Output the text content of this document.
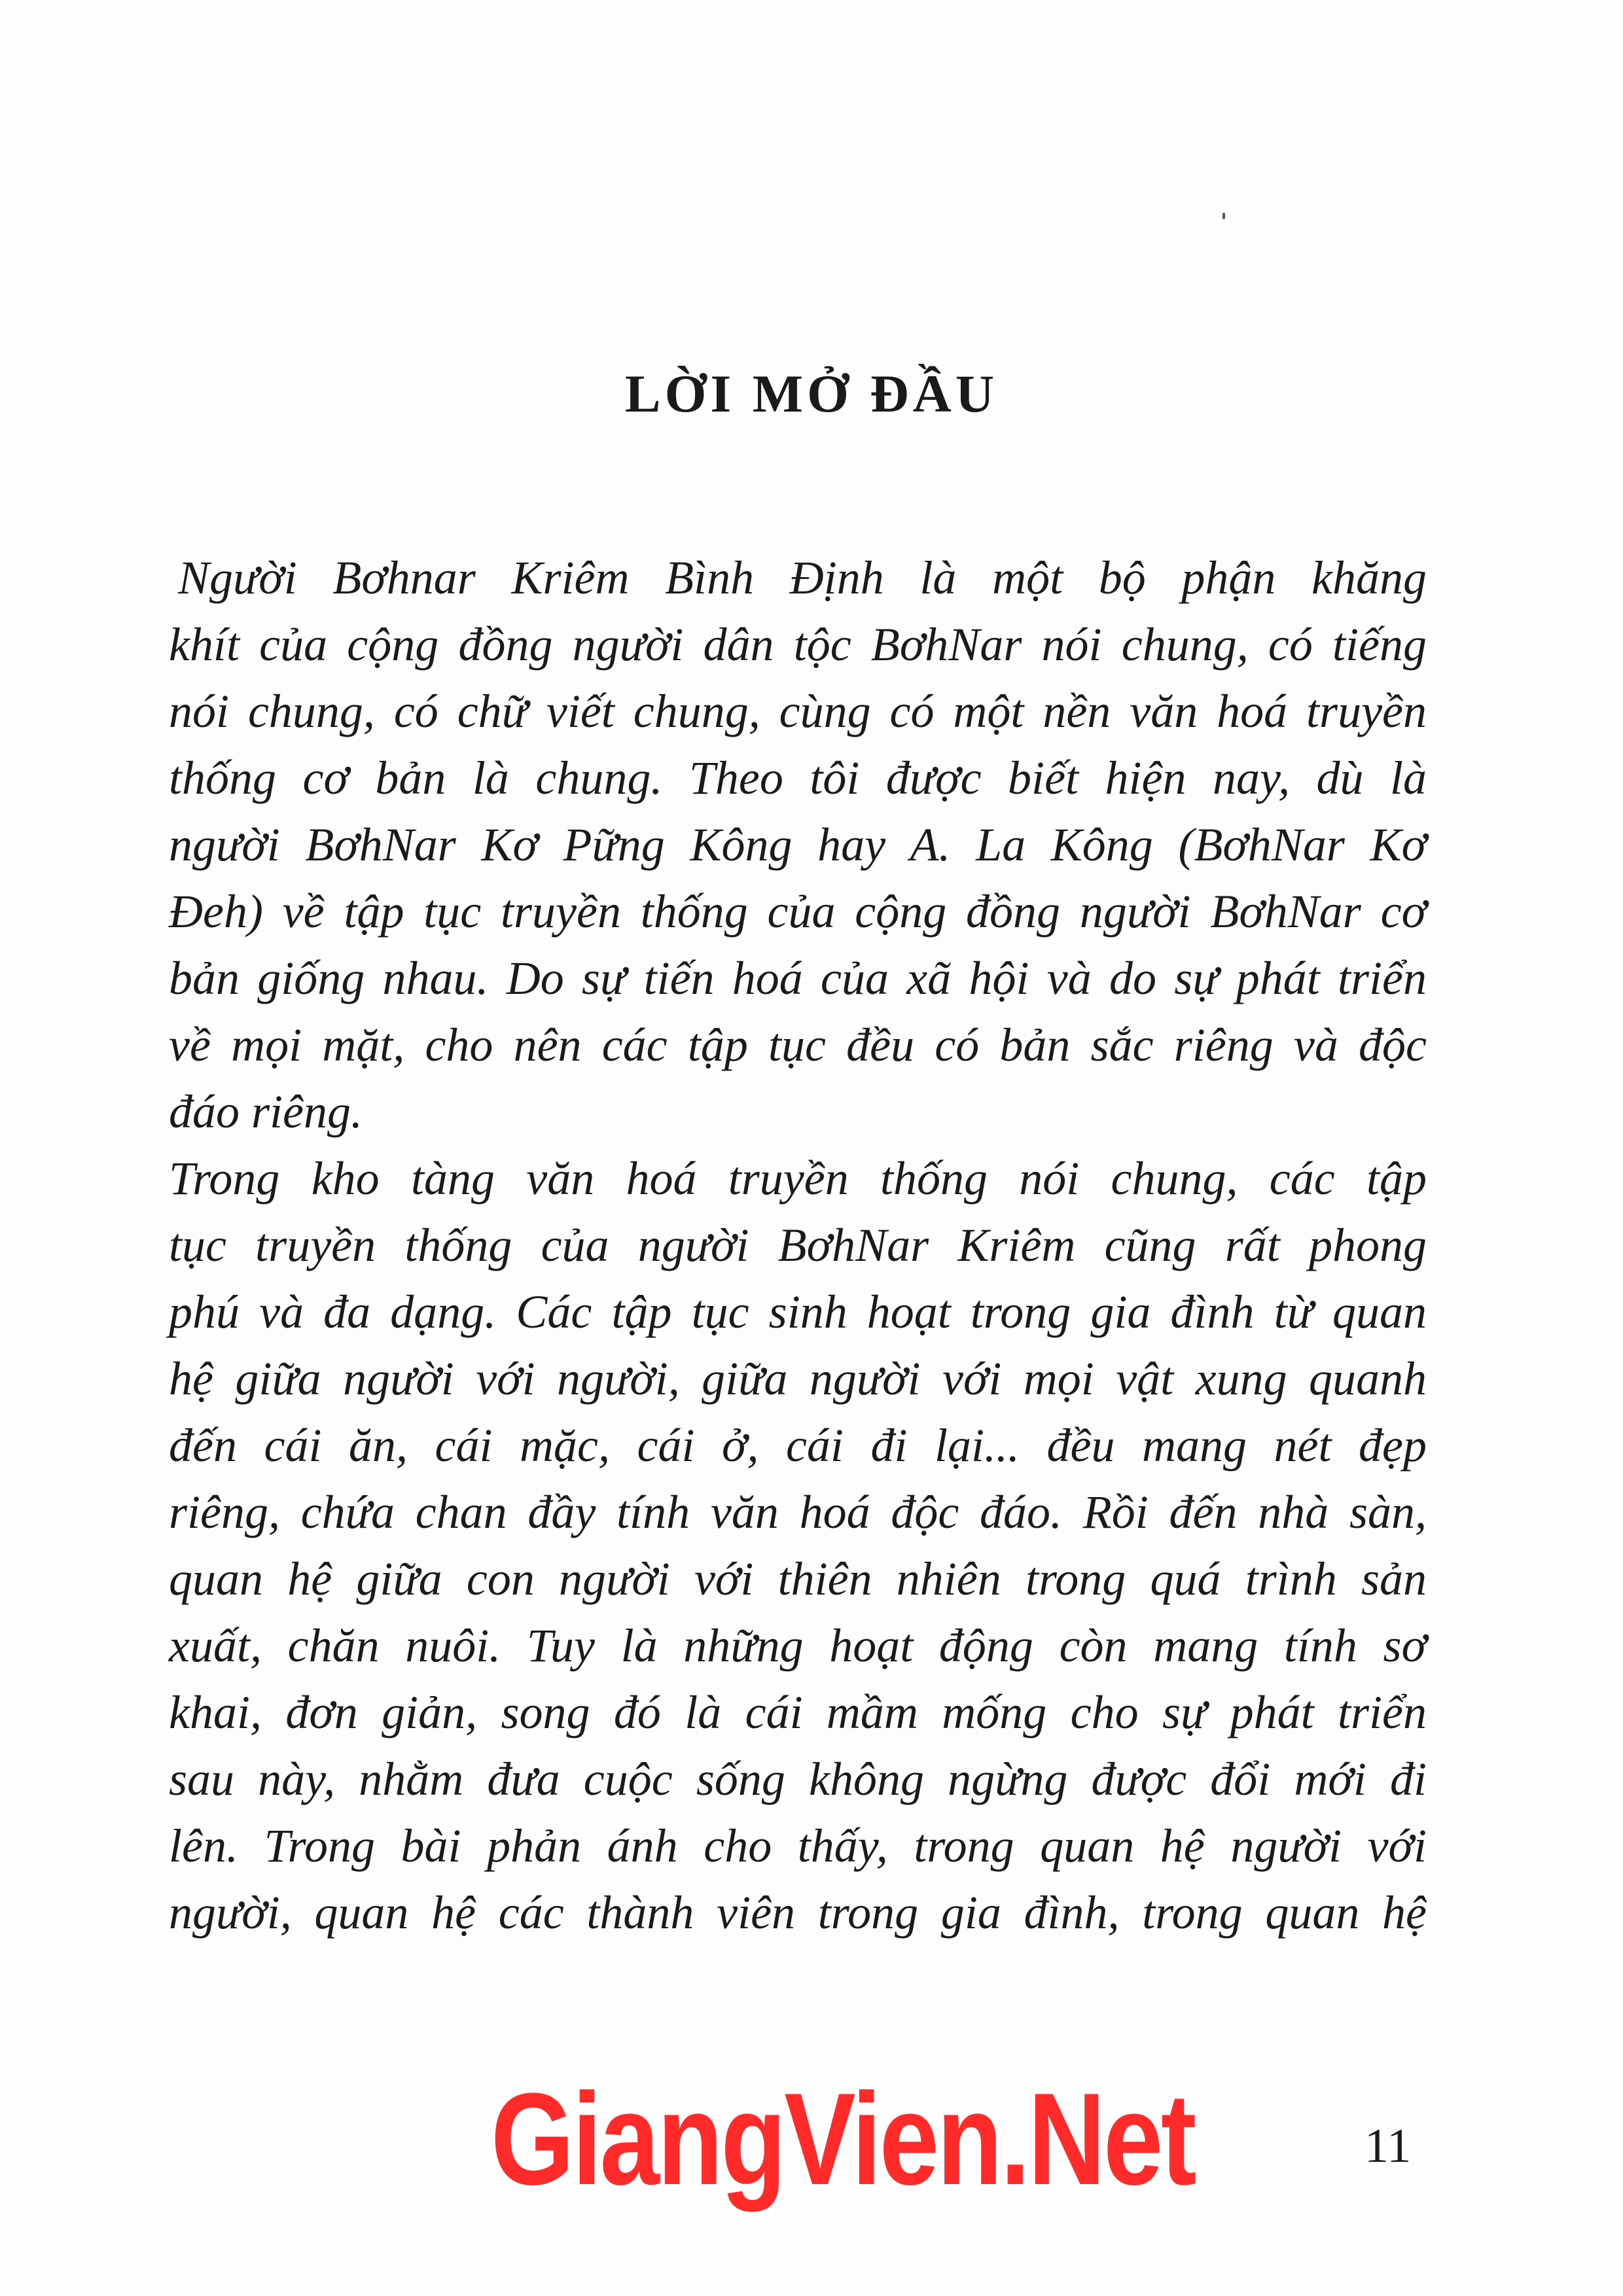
LỜI MỞ ĐẦU

Người Bơhnar Kriêm Bình Định là một bộ phận khăng
khít của cộng đồng người dân tộc BơhNar nói chung, có tiếng
nói chung, có chữ viết chung, cùng có một nền văn hoá truyền
thống cơ bản là chung. Theo tôi được biết hiện nay, dù là
người BơhNar Kơ Pững Kông hay A. La Kông (BơhNar Kơ
Đeh) về tập tục truyền thống của cộng đồng người BơhNar cơ
bản giống nhau. Do sự tiến hoá của xã hội và do sự phát triển
về mọi mặt, cho nên các tập tục đều có bản sắc riêng và độc
đáo riêng.

Trong kho tàng văn hoá truyền thống nói chung, các tập
tục truyền thống của người BơhNar Kriêm cũng rất phong
phú và đa dạng. Các tập tục sinh hoạt trong gia đình từ quan
hệ giữa người với người, giữa người với mọi vật xung quanh
đến cái ăn, cái mặc, cái ở, cái đi lại... đều mang nét đẹp
riêng, chứa chan đầy tính văn hoá độc đáo. Rồi đến nhà sàn,
quan hệ giữa con người với thiên nhiên trong quá trình sản
xuất, chăn nuôi. Tuy là những hoạt động còn mang tính sơ
khai, đơn giản, song đó là cái mầm mống cho sự phát triển
sau này, nhằm đưa cuộc sống không ngừng được đổi mới đi
lên. Trong bài phản ánh cho thấy, trong quan hệ người với
người, quan hệ các thành viên trong gia đình, trong quan hệ

GiangVien.Net	11
